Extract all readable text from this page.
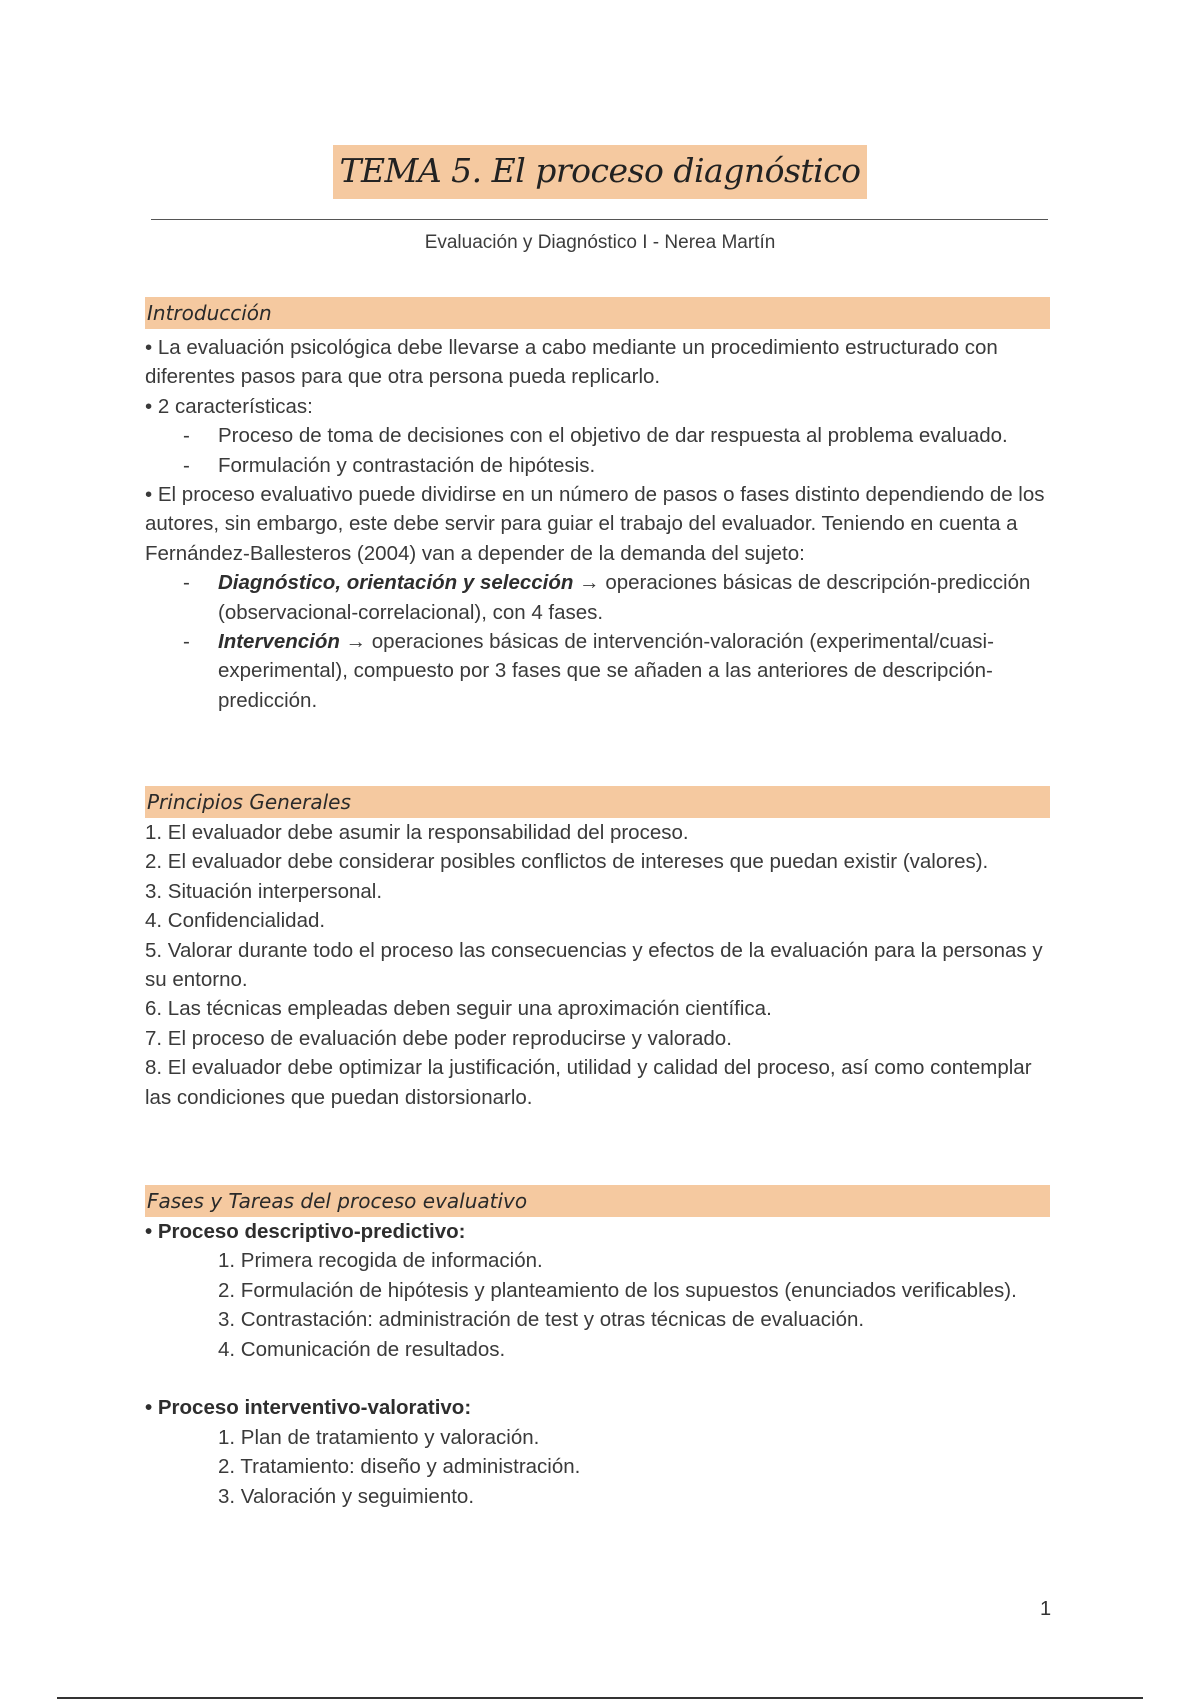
TEMA 5. El proceso diagnóstico
Evaluación y Diagnóstico I - Nerea Martín
Introducción

• La evaluación psicológica debe llevarse a cabo mediante un procedimiento estructurado con diferentes pasos para que otra persona pueda replicarlo.

• 2 características:

- Proceso de toma de decisiones con el objetivo de dar respuesta al problema evaluado.

- Formulación y contrastación de hipótesis.

• El proceso evaluativo puede dividirse en un número de pasos o fases distinto dependiendo de los autores, sin embargo, este debe servir para guiar el trabajo del evaluador. Teniendo en cuenta a Fernández-Ballesteros (2004) van a depender de la demanda del sujeto:

- Diagnóstico, orientación y selección → operaciones básicas de descripción-predicción (observacional-correlacional), con 4 fases.

- Intervención → operaciones básicas de intervención-valoración (experimental/cuasi-experimental), compuesto por 3 fases que se añaden a las anteriores de descripción-predicción.

Principios Generales

1. El evaluador debe asumir la responsabilidad del proceso.

2. El evaluador debe considerar posibles conflictos de intereses que puedan existir (valores).

3. Situación interpersonal.

4. Confidencialidad.

5. Valorar durante todo el proceso las consecuencias y efectos de la evaluación para la personas y su entorno.

6. Las técnicas empleadas deben seguir una aproximación científica.

7. El proceso de evaluación debe poder reproducirse y valorado.

8. El evaluador debe optimizar la justificación, utilidad y calidad del proceso, así como contemplar las condiciones que puedan distorsionarlo.

Fases y Tareas del proceso evaluativo

• Proceso descriptivo-predictivo:

1. Primera recogida de información.

2. Formulación de hipótesis y planteamiento de los supuestos (enunciados verificables).

3. Contrastación: administración de test y otras técnicas de evaluación.

4. Comunicación de resultados.

• Proceso interventivo-valorativo:

1. Plan de tratamiento y valoración.

2. Tratamiento: diseño y administración.

3. Valoración y seguimiento.

1
